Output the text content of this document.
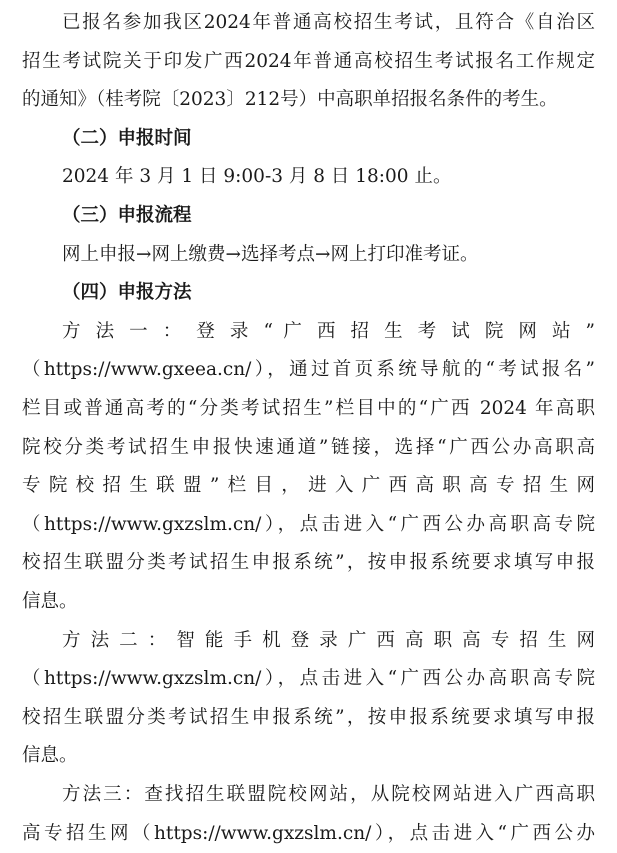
已报名参加我区2024年普通高校招生考试，且符合《自治区
招生考试院关于印发广西2024年普通高校招生考试报名工作规定
的通知》（桂考院〔2023〕212号）中高职单招报名条件的考生。
（二）申报时间
2024 年 3 月 1 日 9:00-3 月 8 日 18:00 止。
（三）申报流程
网上申报→网上缴费→选择考点→网上打印准考证。
（四）申报方法
方 法 一 ： 登 录 “ 广 西 招 生 考 试 院 网 站 ”
（https://www.gxeea.cn/），通过首页系统导航的“考试报名”
栏目或普通高考的“分类考试招生”栏目中的“广西 2024 年高职
院校分类考试招生申报快速通道”链接，选择“广西公办高职高
专院校招生联盟”栏目，进入广西高职高专招生网
（https://www.gxzslm.cn/），点击进入“广西公办高职高专院
校招生联盟分类考试招生申报系统”，按申报系统要求填写申报
信息。
方 法 二 ： 智 能 手 机 登 录 广 西 高 职 高 专 招 生 网
（https://www.gxzslm.cn/），点击进入“广西公办高职高专院
校招生联盟分类考试招生申报系统”，按申报系统要求填写申报
信息。
方法三：查找招生联盟院校网站，从院校网站进入广西高职
高专招生网（https://www.gxzslm.cn/），点击进入“广西公办
